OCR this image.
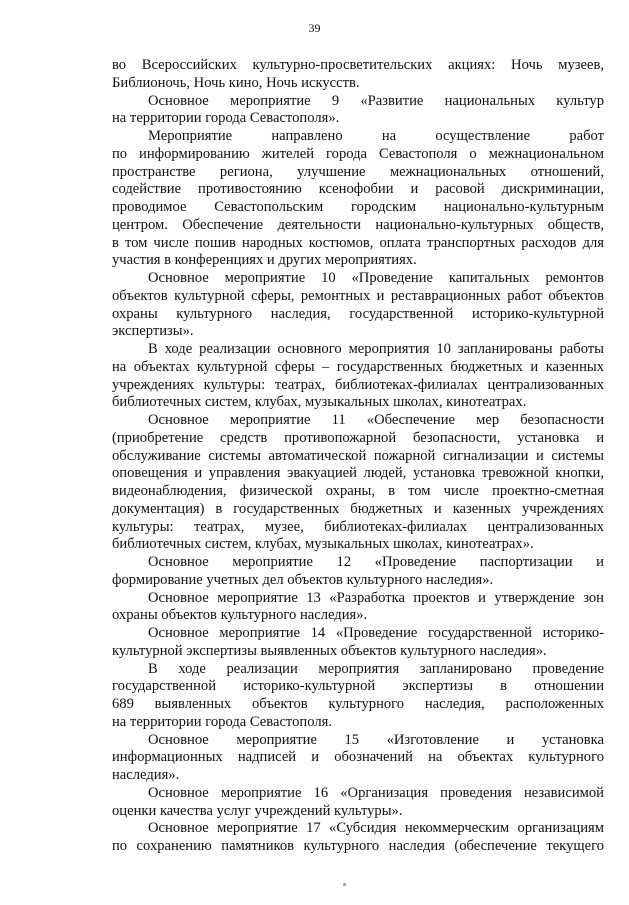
39
во Всероссийских культурно-просветительских акциях: Ночь музеев,
Библионочь, Ночь кино, Ночь искусств.
Основное мероприятие 9 «Развитие национальных культур
на территории города Севастополя».
Мероприятие направлено на осуществление работ
по информированию жителей города Севастополя о межнациональном
пространстве региона, улучшение межнациональных отношений,
содействие противостоянию ксенофобии и расовой дискриминации,
проводимое Севастопольским городским национально-культурным
центром. Обеспечение деятельности национально-культурных обществ,
в том числе пошив народных костюмов, оплата транспортных расходов для
участия в конференциях и других мероприятиях.
Основное мероприятие 10 «Проведение капитальных ремонтов
объектов культурной сферы, ремонтных и реставрационных работ объектов
охраны культурного наследия, государственной историко-культурной
экспертизы».
В ходе реализации основного мероприятия 10 запланированы работы
на объектах культурной сферы – государственных бюджетных и казенных
учреждениях культуры: театрах, библиотеках-филиалах централизованных
библиотечных систем, клубах, музыкальных школах, кинотеатрах.
Основное мероприятие 11 «Обеспечение мер безопасности
(приобретение средств противопожарной безопасности, установка и
обслуживание системы автоматической пожарной сигнализации и системы
оповещения и управления эвакуацией людей, установка тревожной кнопки,
видеонаблюдения, физической охраны, в том числе проектно-сметная
документация) в государственных бюджетных и казенных учреждениях
культуры: театрах, музее, библиотеках-филиалах централизованных
библиотечных систем, клубах, музыкальных школах, кинотеатрах».
Основное мероприятие 12 «Проведение паспортизации и
формирование учетных дел объектов культурного наследия».
Основное мероприятие 13 «Разработка проектов и утверждение зон
охраны объектов культурного наследия».
Основное мероприятие 14 «Проведение государственной историко-
культурной экспертизы выявленных объектов культурного наследия».
В ходе реализации мероприятия запланировано проведение
государственной историко-культурной экспертизы в отношении
689 выявленных объектов культурного наследия, расположенных
на территории города Севастополя.
Основное мероприятие 15 «Изготовление и установка
информационных надписей и обозначений на объектах культурного
наследия».
Основное мероприятие 16 «Организация проведения независимой
оценки качества услуг учреждений культуры».
Основное мероприятие 17 «Субсидия некоммерческим организациям
по сохранению памятников культурного наследия (обеспечение текущего
